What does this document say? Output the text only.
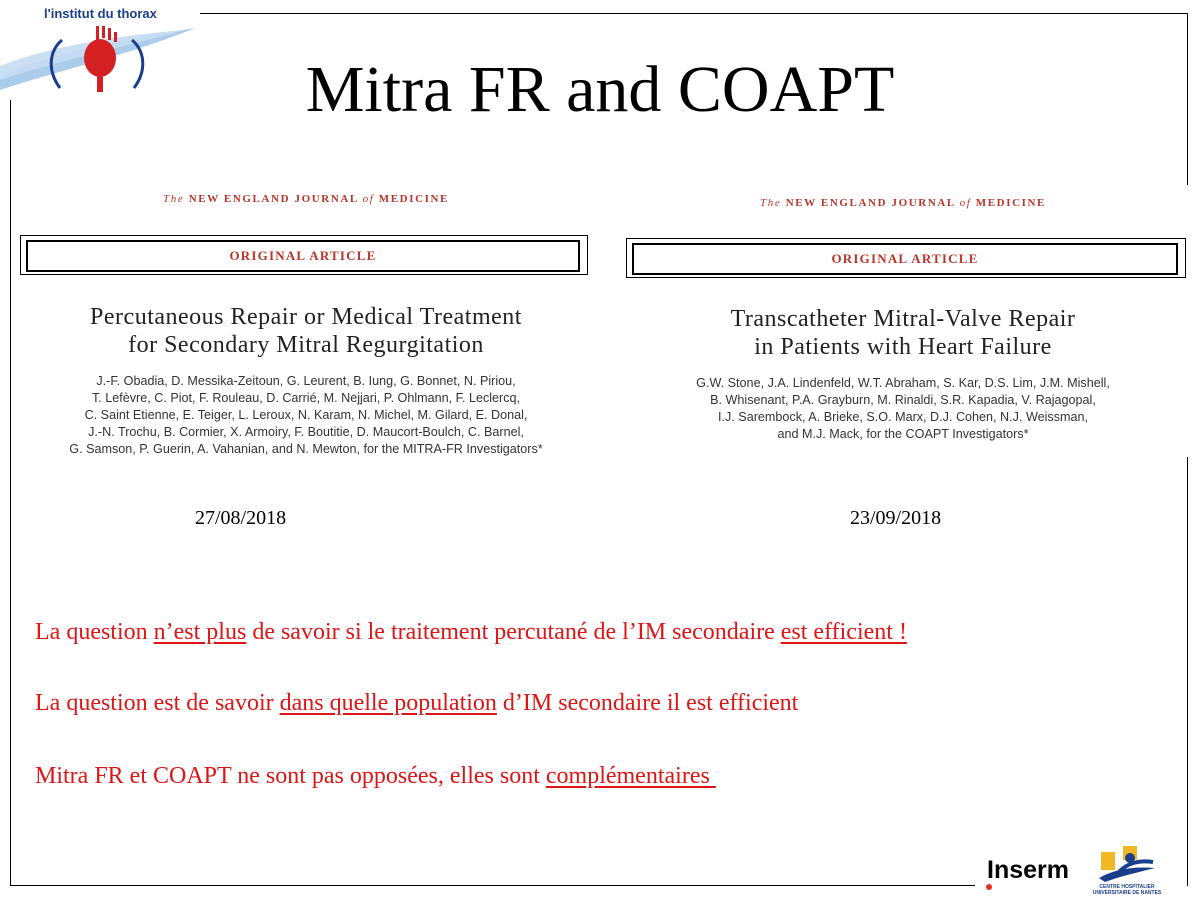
l'institut du thorax
Mitra FR and COAPT
The NEW ENGLAND JOURNAL of MEDICINE
ORIGINAL ARTICLE
Percutaneous Repair or Medical Treatment
for Secondary Mitral Regurgitation
J.-F. Obadia, D. Messika-Zeitoun, G. Leurent, B. Iung, G. Bonnet, N. Piriou,
T. Lefèvre, C. Piot, F. Rouleau, D. Carrié, M. Nejjari, P. Ohlmann, F. Leclercq,
C. Saint Etienne, E. Teiger, L. Leroux, N. Karam, N. Michel, M. Gilard, E. Donal,
J.-N. Trochu, B. Cormier, X. Armoiry, F. Boutitie, D. Maucort-Boulch, C. Barnel,
G. Samson, P. Guerin, A. Vahanian, and N. Mewton, for the MITRA-FR Investigators*
The NEW ENGLAND JOURNAL of MEDICINE
ORIGINAL ARTICLE
Transcatheter Mitral-Valve Repair
in Patients with Heart Failure
G.W. Stone, J.A. Lindenfeld, W.T. Abraham, S. Kar, D.S. Lim, J.M. Mishell,
B. Whisenant, P.A. Grayburn, M. Rinaldi, S.R. Kapadia, V. Rajagopal,
I.J. Sarembock, A. Brieke, S.O. Marx, D.J. Cohen, N.J. Weissman,
and M.J. Mack, for the COAPT Investigators*
27/08/2018	23/09/2018
La question n’est plus de savoir si le traitement percutané de l’IM secondaire est efficient !
La question est de savoir dans quelle population d’IM secondaire il est efficient
Mitra FR et COAPT ne sont pas opposées, elles sont complémentaires
Inserm
CENTRE HOSPITALIER
UNIVERSITAIRE DE NANTES
